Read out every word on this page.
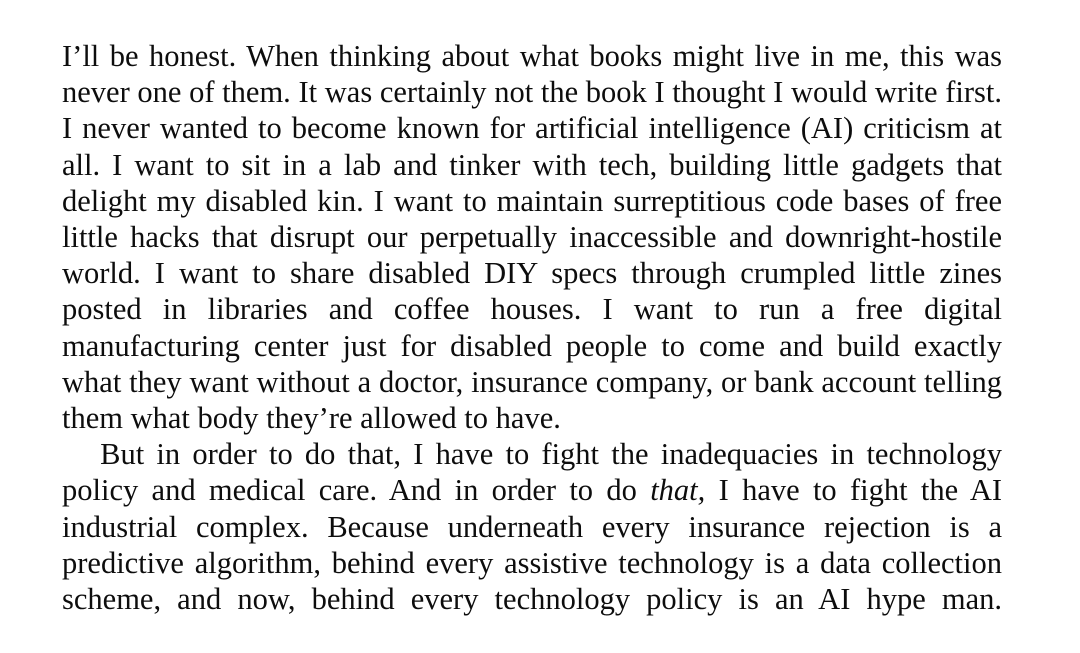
I’ll be honest. When thinking about what books might live in me, this was never one of them. It was certainly not the book I thought I would write first. I never wanted to become known for artificial intelligence (AI) criticism at all. I want to sit in a lab and tinker with tech, building little gadgets that delight my disabled kin. I want to maintain surreptitious code bases of free little hacks that disrupt our perpetually inaccessible and downright-hostile world. I want to share disabled DIY specs through crumpled little zines posted in libraries and coffee houses. I want to run a free digital manufacturing center just for disabled people to come and build exactly what they want without a doctor, insurance company, or bank account telling them what body they’re allowed to have.

But in order to do that, I have to fight the inadequacies in technology policy and medical care. And in order to do that, I have to fight the AI industrial complex. Because underneath every insurance rejection is a predictive algorithm, behind every assistive technology is a data collection scheme, and now, behind every technology policy is an AI hype man.
